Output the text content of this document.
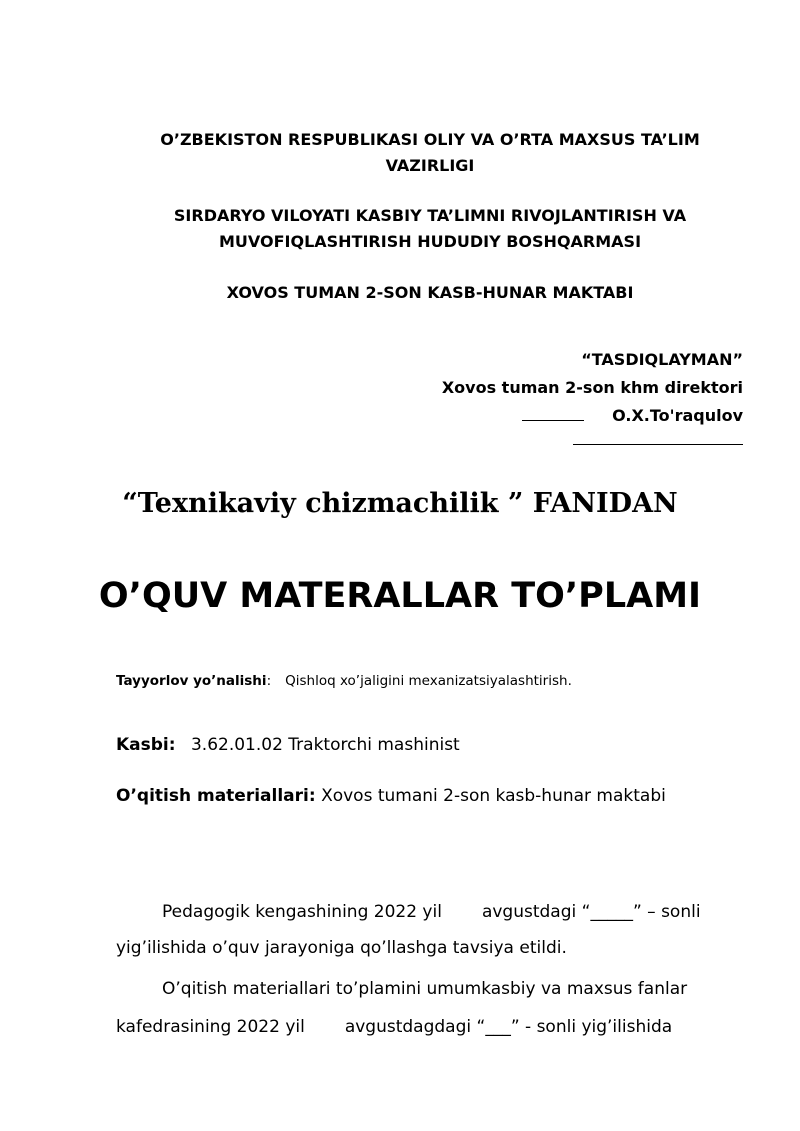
O’ZBEKISTON RESPUBLIKASI OLIY VA O’RTA MAXSUS TA’LIM
VAZIRLIGI

SIRDARYO VILOYATI KASBIY TA’LIMNI RIVOJLANTIRISH VA
MUVOFIQLASHTIRISH HUDUDIY BOSHQARMASI

XOVOS TUMAN 2-SON KASB-HUNAR MAKTABI

“TASDIQLAYMAN”
Xovos tuman 2-son khm direktori
O.X.To'raqulov
“Texnikaviy chizmachilik ” FANIDAN
O’QUV MATERALLAR TO’PLAMI
Tayyorlov yo’nalishi: Qishloq xo’jaligini mexanizatsiyalashtirish.
Kasbi: 3.62.01.02 Traktorchi mashinist
O’qitish materiallari: Xovos tumani 2-son kasb-hunar maktabi
Pedagogik kengashining 2022 yil avgustdagi “_____” – sonli
yig’ilishida o’quv jarayoniga qo’llashga tavsiya etildi.
O’qitish materiallari to’plamini umumkasbiy va maxsus fanlar
kafedrasining 2022 yil avgustdagdagi “___” - sonli yig’ilishida
